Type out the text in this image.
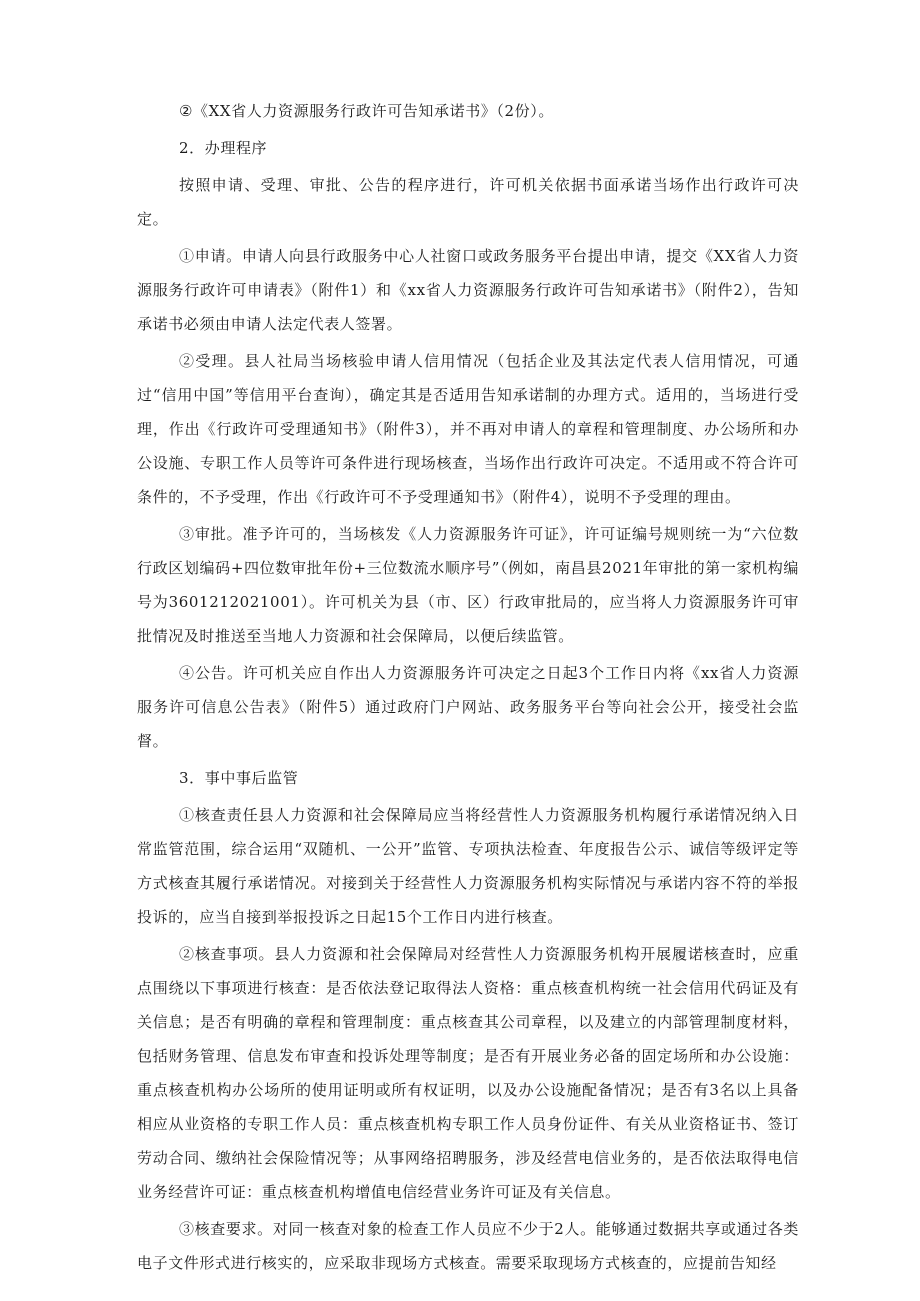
②《XX省人力资源服务行政许可告知承诺书》（2份）。

2．办理程序

按照申请、受理、审批、公告的程序进行，许可机关依据书面承诺当场作出行政许可决定。

①申请。申请人向县行政服务中心人社窗口或政务服务平台提出申请，提交《XX省人力资源服务行政许可申请表》（附件1）和《xx省人力资源服务行政许可告知承诺书》（附件2），告知承诺书必须由申请人法定代表人签署。

②受理。县人社局当场核验申请人信用情况（包括企业及其法定代表人信用情况，可通过“信用中国”等信用平台查询），确定其是否适用告知承诺制的办理方式。适用的，当场进行受理，作出《行政许可受理通知书》（附件3），并不再对申请人的章程和管理制度、办公场所和办公设施、专职工作人员等许可条件进行现场核查，当场作出行政许可决定。不适用或不符合许可条件的，不予受理，作出《行政许可不予受理通知书》（附件4），说明不予受理的理由。

③审批。准予许可的，当场核发《人力资源服务许可证》，许可证编号规则统一为“六位数行政区划编码+四位数审批年份+三位数流水顺序号”（例如，南昌县2021年审批的第一家机构编号为3601212021001）。许可机关为县（市、区）行政审批局的，应当将人力资源服务许可审批情况及时推送至当地人力资源和社会保障局，以便后续监管。

④公告。许可机关应自作出人力资源服务许可决定之日起3个工作日内将《xx省人力资源服务许可信息公告表》（附件5）通过政府门户网站、政务服务平台等向社会公开，接受社会监督。

3．事中事后监管

①核查责任县人力资源和社会保障局应当将经营性人力资源服务机构履行承诺情况纳入日常监管范围，综合运用“双随机、一公开”监管、专项执法检查、年度报告公示、诚信等级评定等方式核查其履行承诺情况。对接到关于经营性人力资源服务机构实际情况与承诺内容不符的举报投诉的，应当自接到举报投诉之日起15个工作日内进行核查。

②核查事项。县人力资源和社会保障局对经营性人力资源服务机构开展履诺核查时，应重点围绕以下事项进行核查：是否依法登记取得法人资格：重点核查机构统一社会信用代码证及有关信息；是否有明确的章程和管理制度：重点核查其公司章程，以及建立的内部管理制度材料，包括财务管理、信息发布审查和投诉处理等制度；是否有开展业务必备的固定场所和办公设施：重点核查机构办公场所的使用证明或所有权证明，以及办公设施配备情况；是否有3名以上具备相应从业资格的专职工作人员：重点核查机构专职工作人员身份证件、有关从业资格证书、签订劳动合同、缴纳社会保险情况等；从事网络招聘服务，涉及经营电信业务的，是否依法取得电信业务经营许可证：重点核查机构增值电信经营业务许可证及有关信息。

③核查要求。对同一核查对象的检查工作人员应不少于2人。能够通过数据共享或通过各类电子文件形式进行核实的，应采取非现场方式核查。需要采取现场方式核查的，应提前告知经
